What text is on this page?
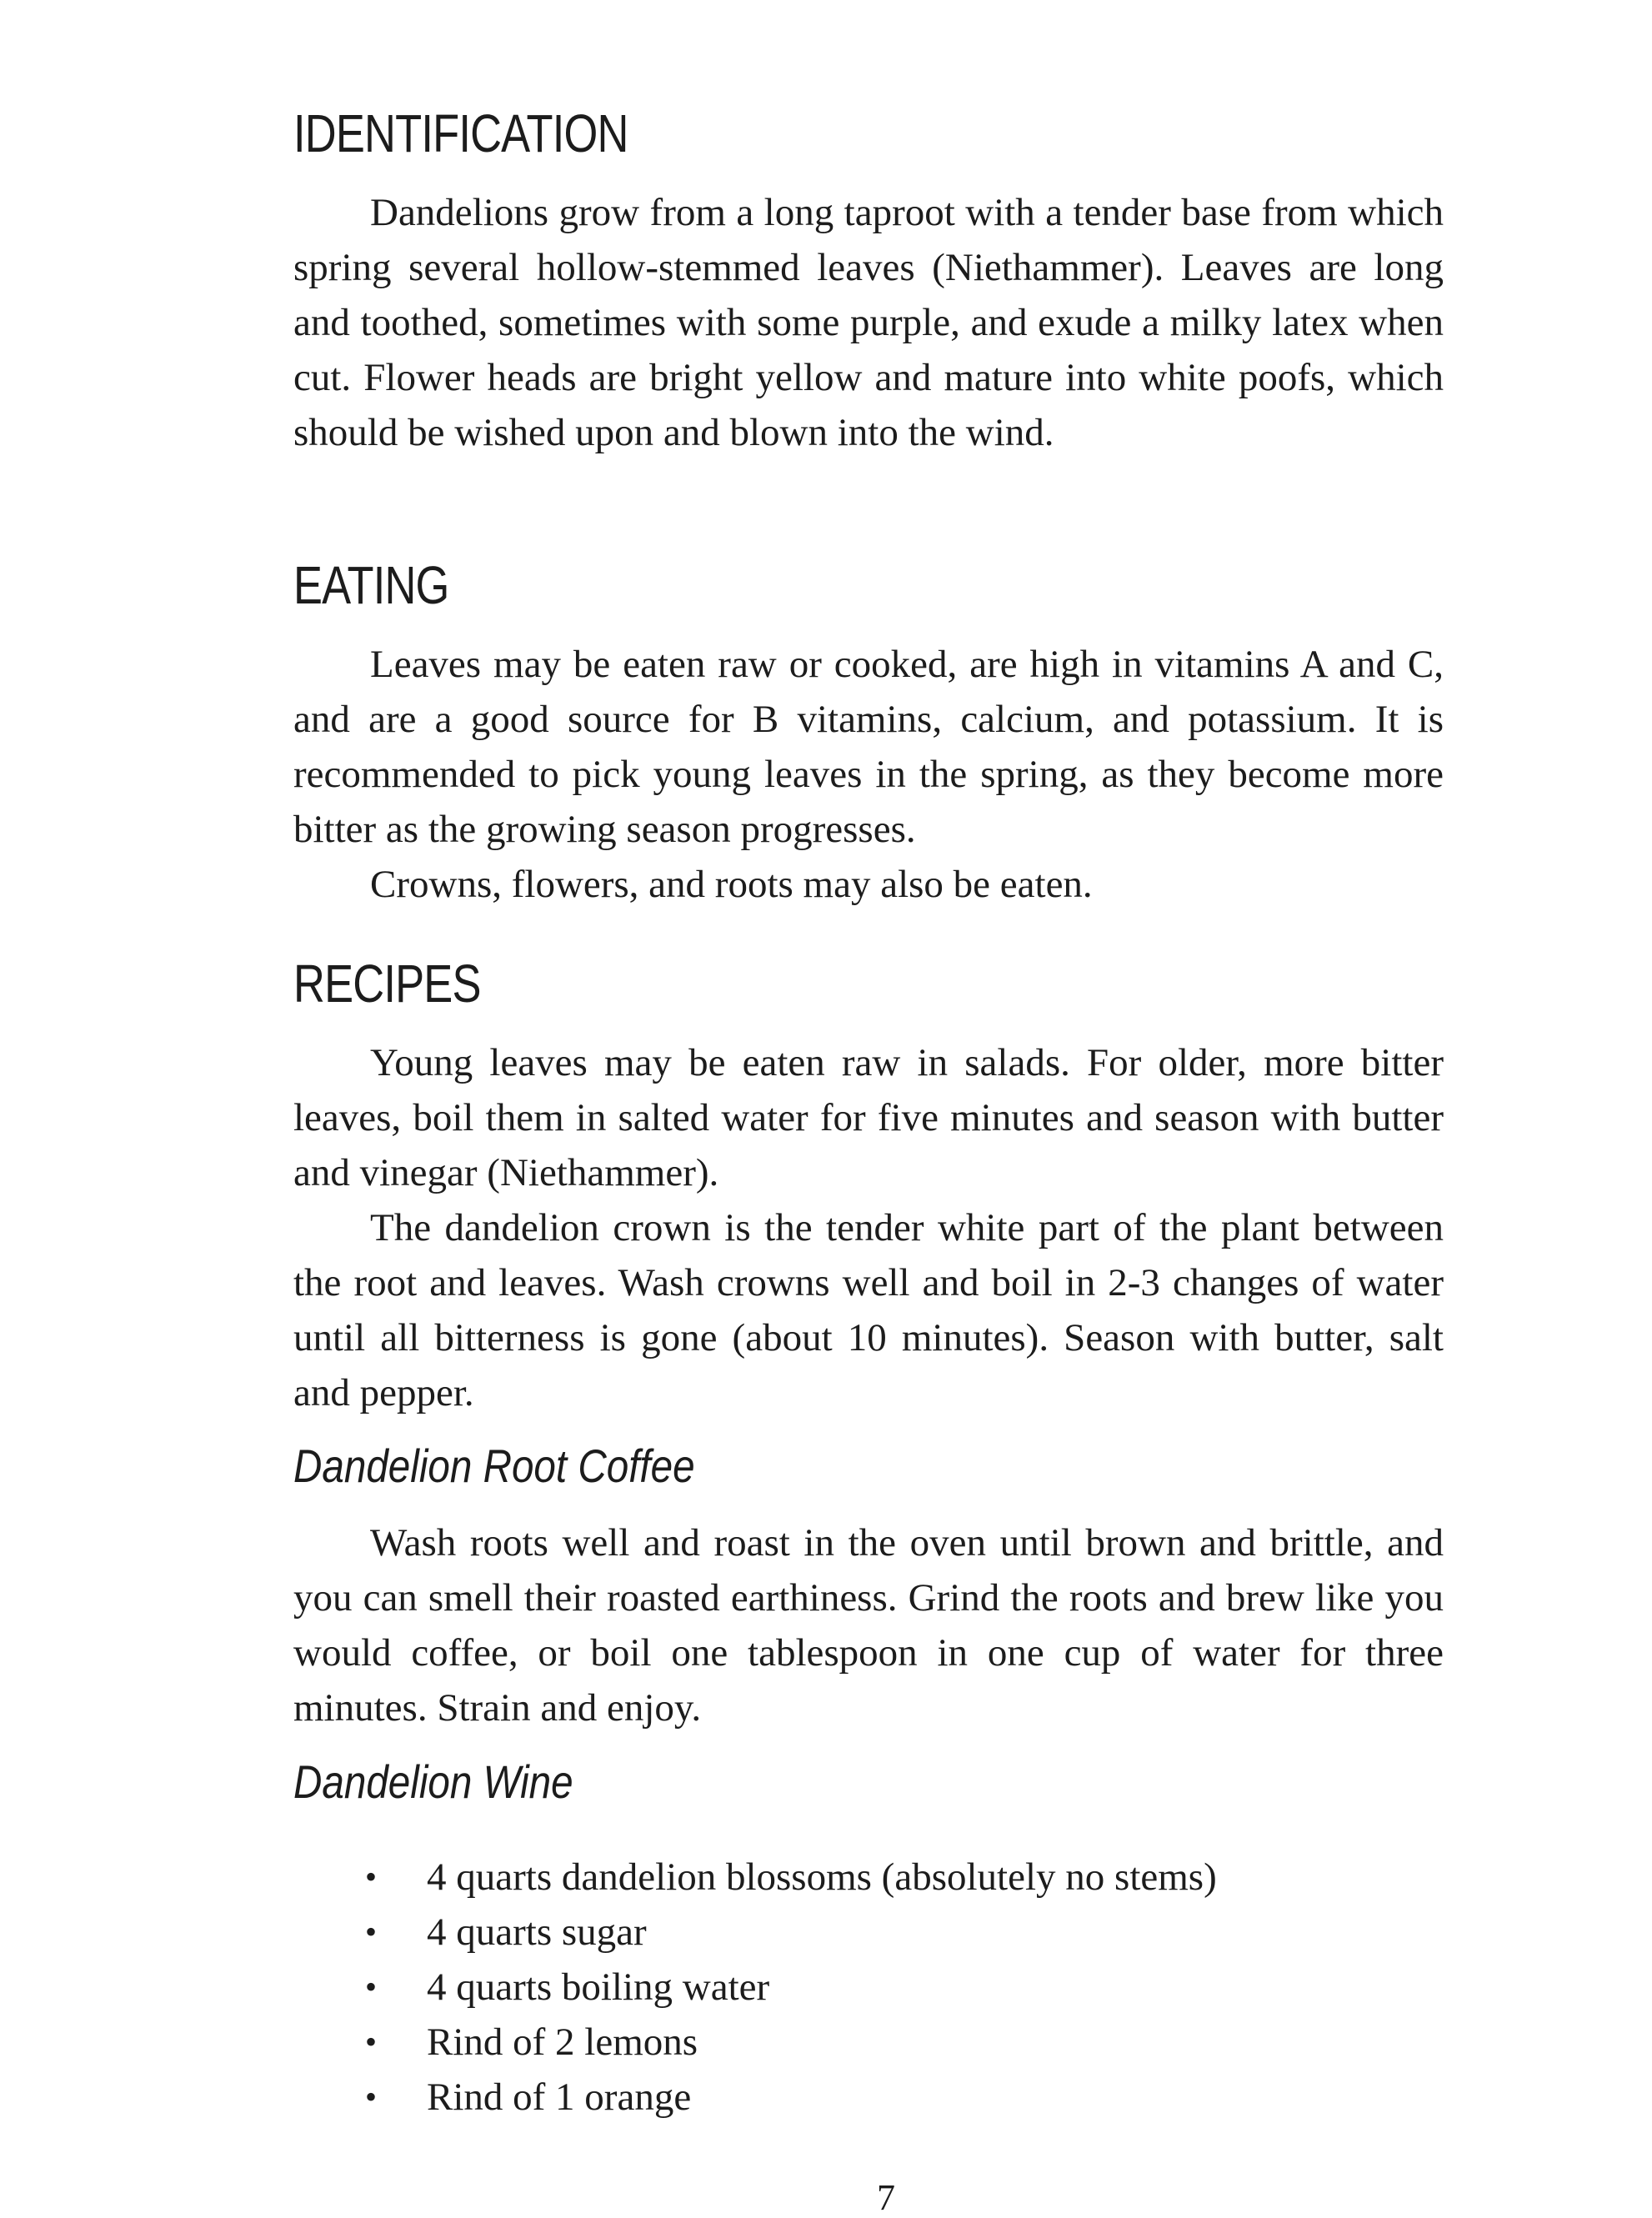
IDENTIFICATION

Dandelions grow from a long taproot with a tender base from which spring several hollow-stemmed leaves (Niethammer). Leaves are long and toothed, sometimes with some purple, and exude a milky latex when cut. Flower heads are bright yellow and mature into white poofs, which should be wished upon and blown into the wind.

EATING

Leaves may be eaten raw or cooked, are high in vitamins A and C, and are a good source for B vitamins, calcium, and potassium. It is recommended to pick young leaves in the spring, as they become more bitter as the growing season progresses.

Crowns, flowers, and roots may also be eaten.

RECIPES

Young leaves may be eaten raw in salads. For older, more bitter leaves, boil them in salted water for five minutes and season with butter and vinegar (Niethammer).

The dandelion crown is the tender white part of the plant between the root and leaves. Wash crowns well and boil in 2-3 changes of water until all bitterness is gone (about 10 minutes). Season with butter, salt and pepper.

Dandelion Root Coffee

Wash roots well and roast in the oven until brown and brittle, and you can smell their roasted earthiness. Grind the roots and brew like you would coffee, or boil one tablespoon in one cup of water for three minutes. Strain and enjoy.

Dandelion Wine
• 4 quarts dandelion blossoms (absolutely no stems)
• 4 quarts sugar
• 4 quarts boiling water
• Rind of 2 lemons
• Rind of 1 orange
7
